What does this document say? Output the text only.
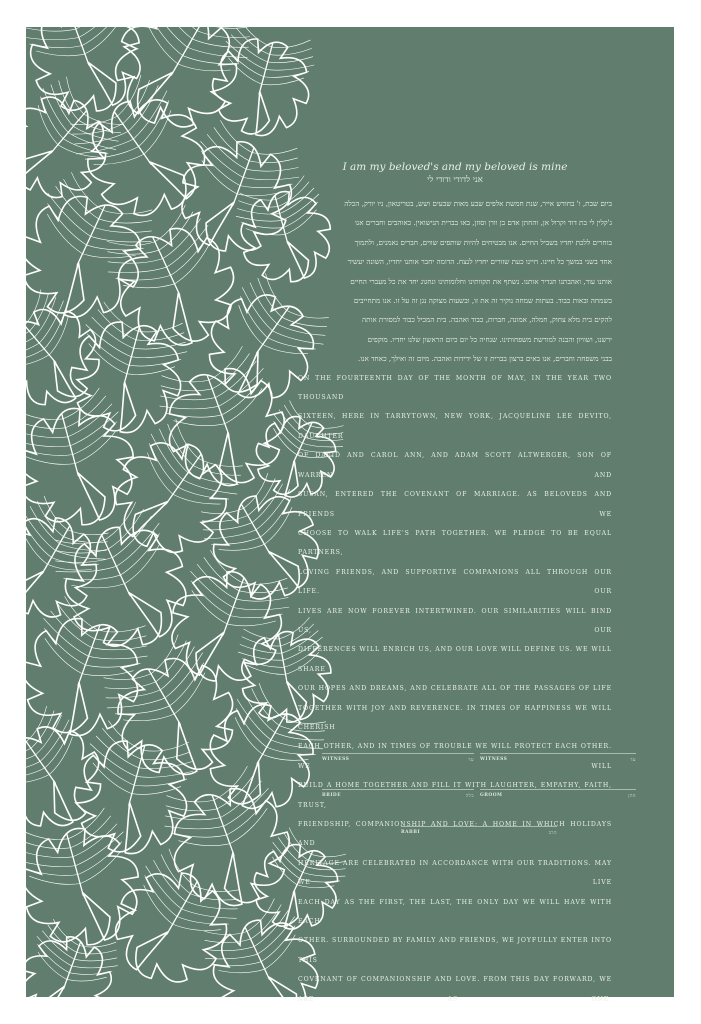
I am my beloved's and my beloved is mine

אני לדודי ודודי לי

ביום שבת, ו' בחודש אייר, שנת חמשת אלפים שבע מאות שבעים ושש, בטריטאון, ניו יורק, הכלה

ג'קלין לי בת דוד וקרול אן, והחתן אדם בן וורן וסוזן, באו בברית הנישואין. כאוהבים וחברים אנו

בוחרים ללכת יחדיו בשביל החיים. אנו מבטיחים להיות שותפים שווים, חברים נאמנים, ולתמוך

אחד בשני במשך כל חיינו. חיינו כעת שזורים יחדיו לנצח. הדומה יחבר אותנו יחדיו, השונה יעשיר

אותנו עוד, ואהבתנו תגדיר אותנו. נשתף את תקוותינו וחלומותינו ונחגוג יחד את כל מעברי החיים

בשמחה ובאות כבוד. בעתות שמחה נוקיר זה את זו, ובשעות מצוקה נגן זה על זו. אנו מתחייבים

להקים בית מלא צחוק, חמלה, אמונה, חברות, כבוד ואהבה. בית המכיל כבוד למסורת אותה

ירשנו, ושוויון והבנה למורשת משפחותינו. שנחיה כל יום כיום הראשון שלנו יחדיו. מוקפים

בבני משפחה וחברים, אנו באים ברצון בברית זו של ידידות ואהבה. מיום זה ואילך, כאחד אנו.

ON THE FOURTEENTH DAY OF THE MONTH OF MAY, IN THE YEAR TWO THOUSAND

SIXTEEN, HERE IN TARRYTOWN, NEW YORK, JACQUELINE LEE DEVITO, DAUGHTER

OF DAVID AND CAROL ANN, AND ADAM SCOTT ALTWERGER, SON OF WARREN AND

SUSAN, ENTERED THE COVENANT OF MARRIAGE. AS BELOVEDS AND FRIENDS WE

CHOOSE TO WALK LIFE'S PATH TOGETHER. WE PLEDGE TO BE EQUAL PARTNERS,

LOVING FRIENDS, AND SUPPORTIVE COMPANIONS ALL THROUGH OUR LIFE. OUR

LIVES ARE NOW FOREVER INTERTWINED. OUR SIMILARITIES WILL BIND US, OUR

DIFFERENCES WILL ENRICH US, AND OUR LOVE WILL DEFINE US. WE WILL SHARE

OUR HOPES AND DREAMS, AND CELEBRATE ALL OF THE PASSAGES OF LIFE

TOGETHER WITH JOY AND REVERENCE. IN TIMES OF HAPPINESS WE WILL CHERISH

EACH OTHER, AND IN TIMES OF TROUBLE WE WILL PROTECT EACH OTHER. WE WILL

BUILD A HOME TOGETHER AND FILL IT WITH LAUGHTER, EMPATHY, FAITH, TRUST,

FRIENDSHIP, COMPANIONSHIP AND LOVE; A HOME IN WHICH HOLIDAYS AND

HERITAGE ARE CELEBRATED IN ACCORDANCE WITH OUR TRADITIONS. MAY WE LIVE

EACH DAY AS THE FIRST, THE LAST, THE ONLY DAY WE WILL HAVE WITH EACH

OTHER. SURROUNDED BY FAMILY AND FRIENDS, WE JOYFULLY ENTER INTO THIS

COVENANT OF COMPANIONSHIP AND LOVE. FROM THIS DAY FORWARD, WE ARE AS ONE.

WITNESS	עד WITNESS	עד
BRIDE	כלה GROOM	חתן
RABBI	הרב
